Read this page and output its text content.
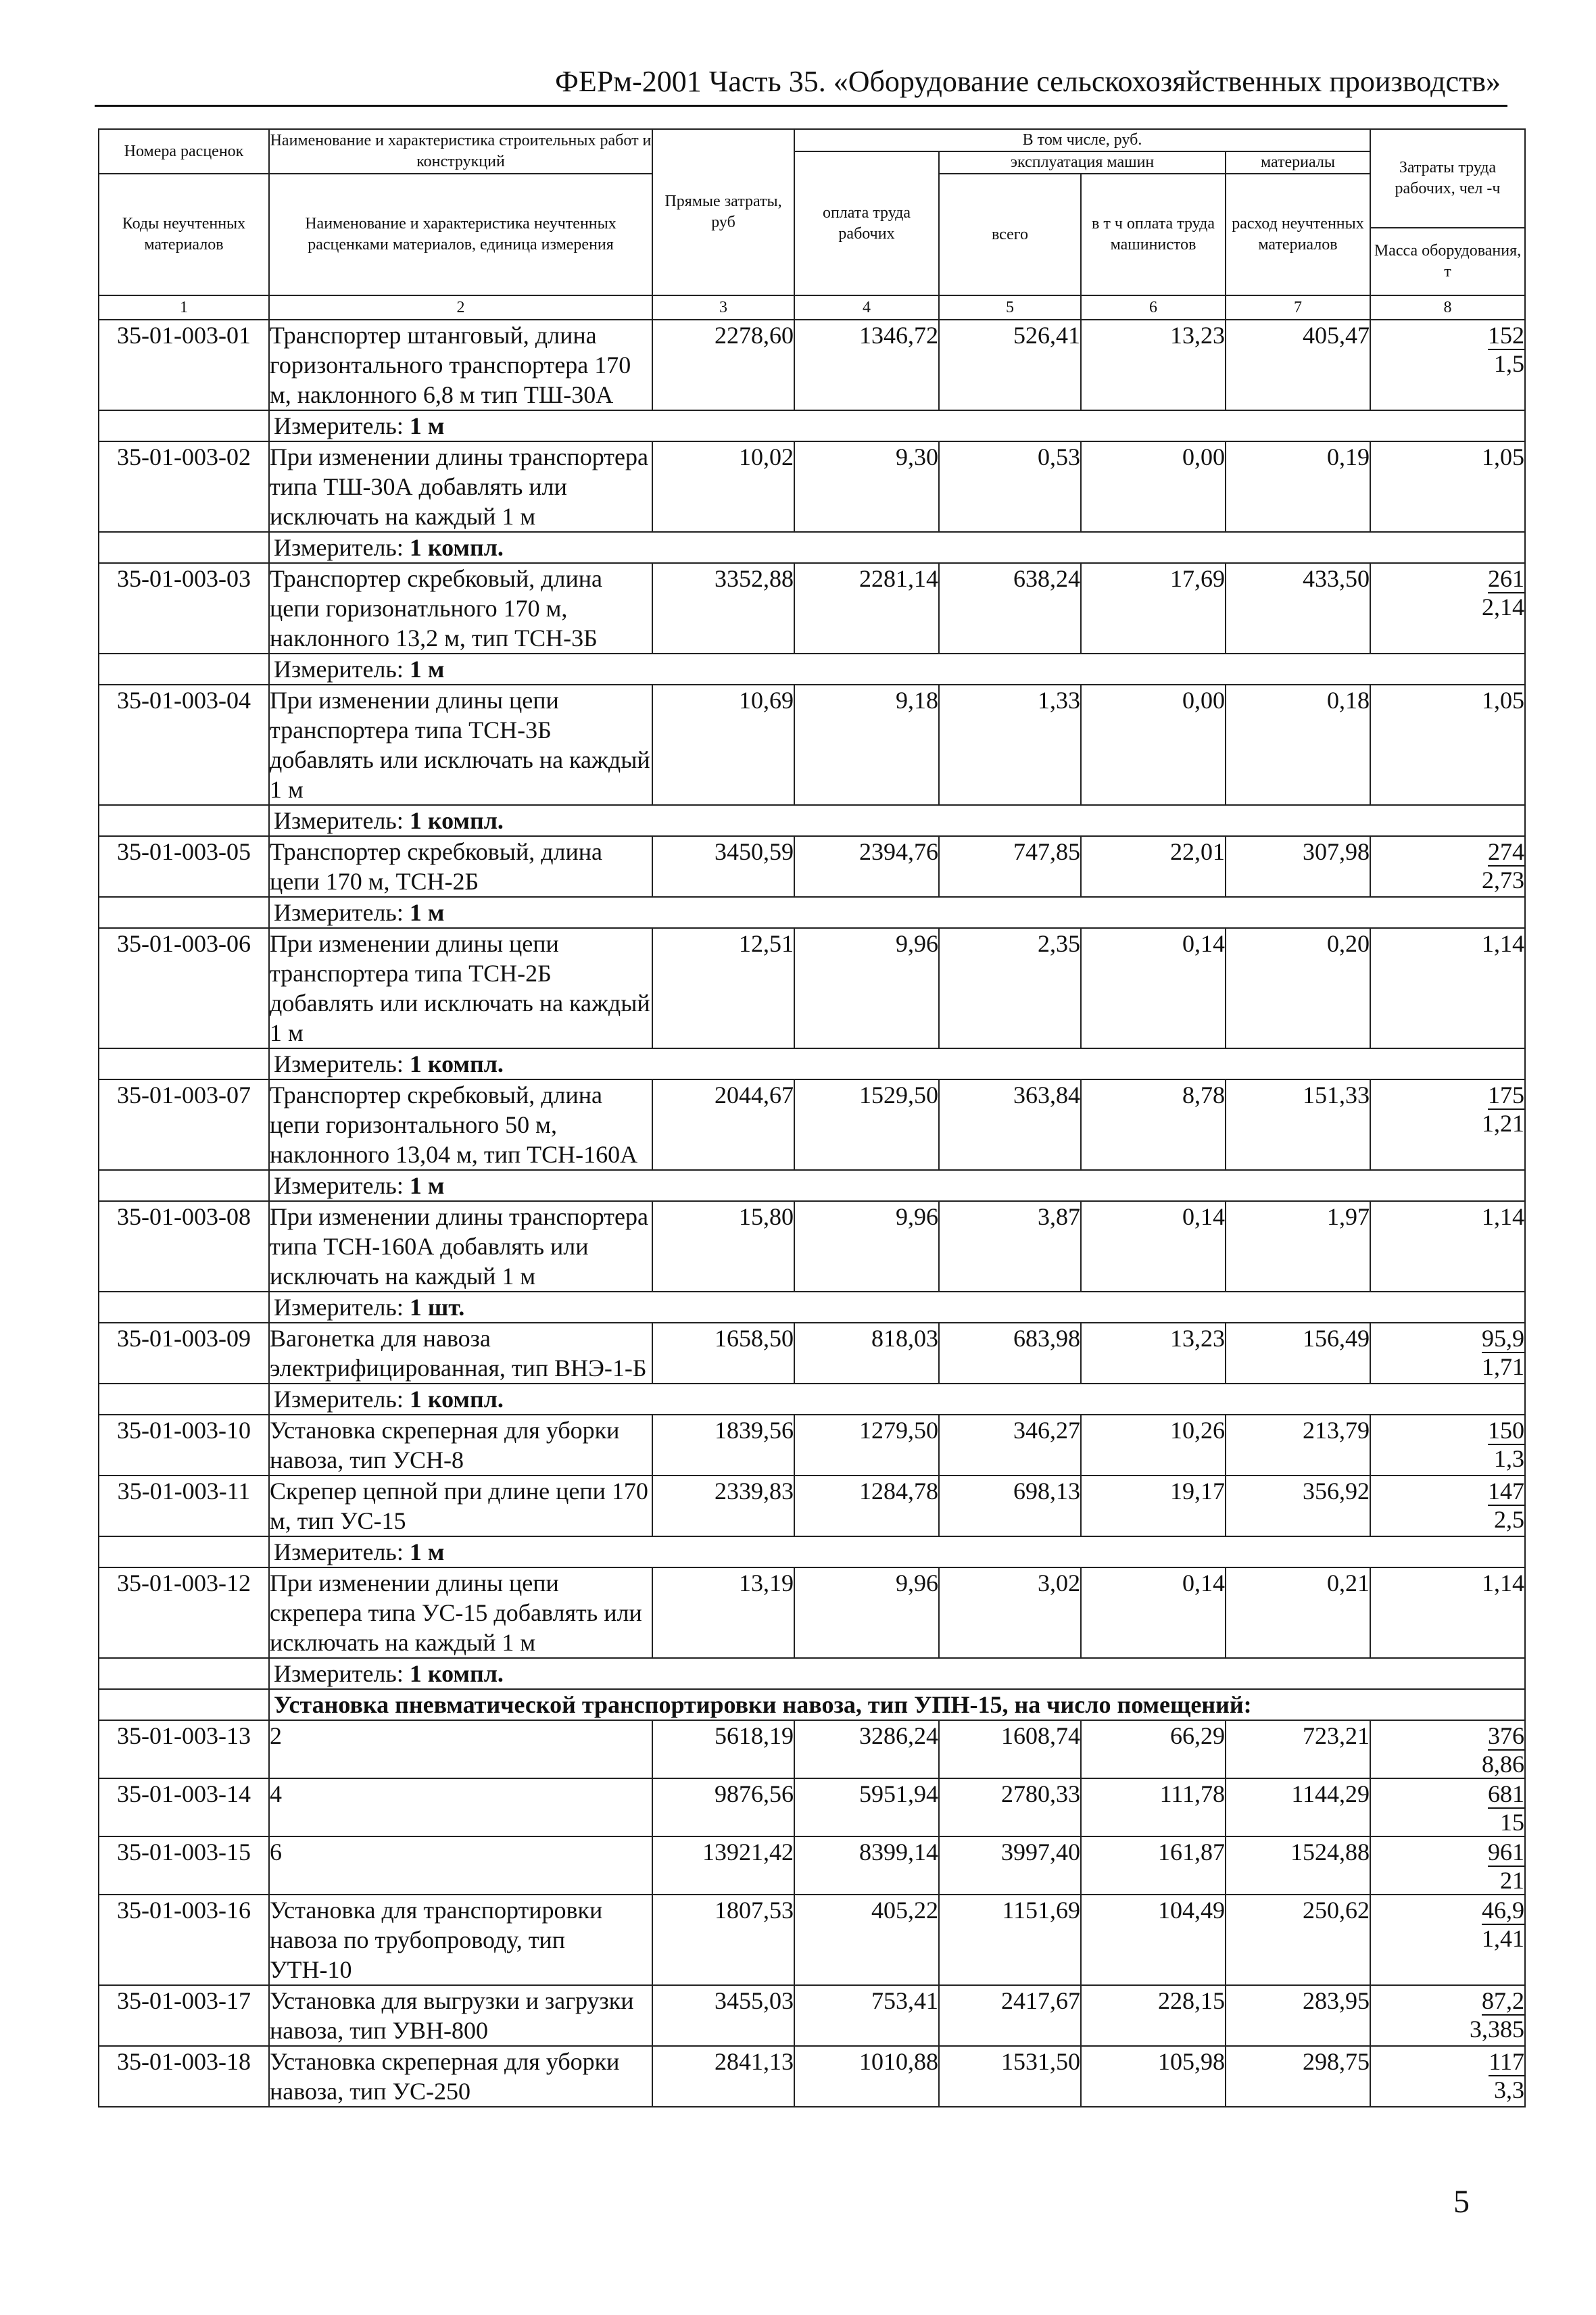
ФЕРм-2001 Часть 35. «Оборудование сельскохозяйственных производств»
Номера расценок	Наименование и характеристика строительных работ и конструкций	Прямые затраты, руб	В том числе, руб.				Затраты труда рабочих, чел -ч
			оплата труда рабочих	эксплуатация машин		материалы	
Коды неучтенных материалов	Наименование и характеристика неучтенных расценками материалов, единица измерения			всего	в т ч оплата труда машинистов	расход неучтенных материалов	
							Масса оборудования, т
1	2	3	4	5	6	7	8
35-01-003-01	Транспортер штанговый, длина горизонтального транспортера 170 м, наклонного 6,8 м тип ТШ-30А	2278,60	1346,72	526,41	13,23	405,47	152
1,5

	Измеритель: 1 м						
35-01-003-02	При изменении длины транспортера типа ТШ-30А добавлять или исключать на каждый 1 м	10,02	9,30	0,53	0,00	0,19	1,05

	Измеритель: 1 компл.						
35-01-003-03	Транспортер скребковый, длина цепи горизонатльного 170 м, наклонного 13,2 м, тип ТСН-3Б	3352,88	2281,14	638,24	17,69	433,50	261
2,14

	Измеритель: 1 м						
35-01-003-04	При изменении длины цепи транспортера типа ТСН-3Б добавлять или исключать на каждый 1 м	10,69	9,18	1,33	0,00	0,18	1,05

	Измеритель: 1 компл.						
35-01-003-05	Транспортер скребковый, длина цепи 170 м, ТСН-2Б	3450,59	2394,76	747,85	22,01	307,98	274
2,73

	Измеритель: 1 м						
35-01-003-06	При изменении длины цепи транспортера типа ТСН-2Б добавлять или исключать на каждый 1 м	12,51	9,96	2,35	0,14	0,20	1,14

	Измеритель: 1 компл.						
35-01-003-07	Транспортер скребковый, длина цепи горизонтального 50 м, наклонного 13,04 м, тип ТСН-160А	2044,67	1529,50	363,84	8,78	151,33	175
1,21

	Измеритель: 1 м						
35-01-003-08	При изменении длины транспортера типа ТСН-160А добавлять или исключать на каждый 1 м	15,80	9,96	3,87	0,14	1,97	1,14

	Измеритель: 1 шт.						
35-01-003-09	Вагонетка для навоза электрифицированная, тип ВНЭ-1-Б	1658,50	818,03	683,98	13,23	156,49	95,9
1,71

	Измеритель: 1 компл.						
35-01-003-10	Установка скреперная для уборки навоза, тип УСН-8	1839,56	1279,50	346,27	10,26	213,79	150
1,3

35-01-003-11	Скрепер цепной при длине цепи 170 м, тип УС-15	2339,83	1284,78	698,13	19,17	356,92	147
2,5

	Измеритель: 1 м						
35-01-003-12	При изменении длины цепи скрепера типа УС-15 добавлять или исключать на каждый 1 м	13,19	9,96	3,02	0,14	0,21	1,14

	Измеритель: 1 компл.						
	Установка пневматической транспортировки навоза, тип УПН-15, на число помещений:						
35-01-003-13	2	5618,19	3286,24	1608,74	66,29	723,21	376
8,86

35-01-003-14	4	9876,56	5951,94	2780,33	111,78	1144,29	681
15

35-01-003-15	6	13921,42	8399,14	3997,40	161,87	1524,88	961
21

35-01-003-16	Установка для транспортировки навоза по трубопроводу, тип УТН-10	1807,53	405,22	1151,69	104,49	250,62	46,9
1,41

35-01-003-17	Установка для выгрузки и загрузки навоза, тип УВН-800	3455,03	753,41	2417,67	228,15	283,95	87,2
3,385

35-01-003-18	Установка скреперная для уборки навоза, тип УС-250	2841,13	1010,88	1531,50	105,98	298,75	117
3,3
5
